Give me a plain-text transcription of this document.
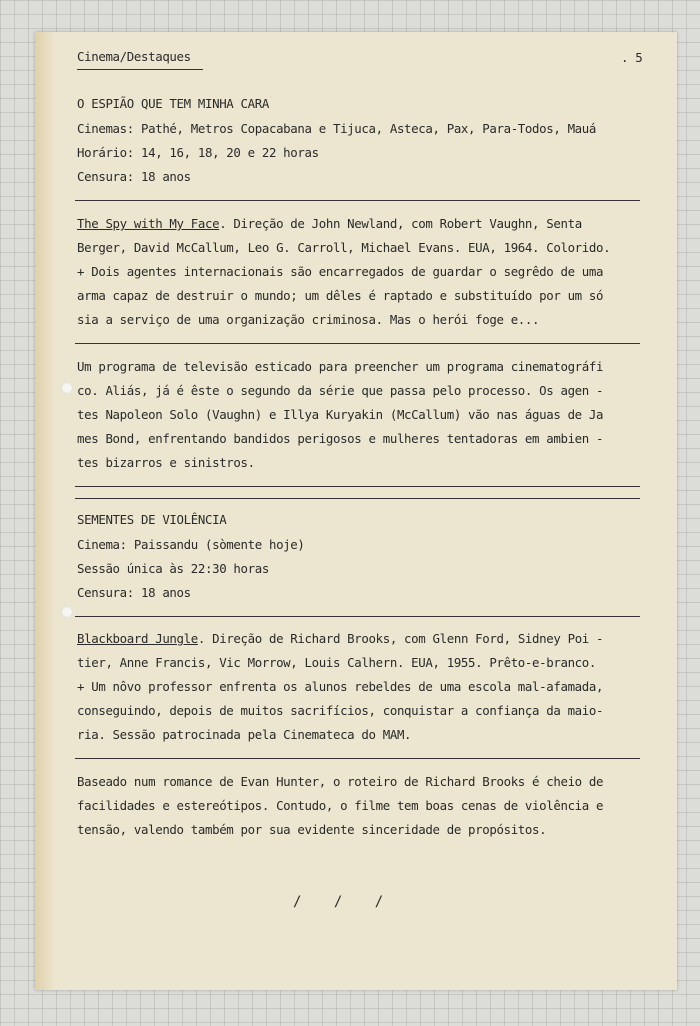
Cinema/Destaques	. 5
O ESPIÃO QUE TEM MINHA CARA
Cinemas: Pathé, Metros Copacabana e Tijuca, Asteca, Pax, Para-Todos, Mauá
Horário: 14, 16, 18, 20 e 22 horas
Censura: 18 anos
The Spy with My Face. Direção de John Newland, com Robert Vaughn, Senta
Berger, David McCallum, Leo G. Carroll, Michael Evans. EUA, 1964. Colorido.
+ Dois agentes internacionais são encarregados de guardar o segrêdo de uma
arma capaz de destruir o mundo; um dêles é raptado e substituído por um só
sia a serviço de uma organização criminosa. Mas o herói foge e...
Um programa de televisão esticado para preencher um programa cinematográfi
co. Aliás, já é êste o segundo da série que passa pelo processo. Os agen -
tes Napoleon Solo (Vaughn) e Illya Kuryakin (McCallum) vão nas águas de Ja
mes Bond, enfrentando bandidos perigosos e mulheres tentadoras em ambien -
tes bizarros e sinistros.
SEMENTES DE VIOLÊNCIA
Cinema: Paissandu (sòmente hoje)
Sessão única às 22:30 horas
Censura: 18 anos
Blackboard Jungle. Direção de Richard Brooks, com Glenn Ford, Sidney Poi -
tier, Anne Francis, Vic Morrow, Louis Calhern. EUA, 1955. Prêto-e-branco.
+ Um nôvo professor enfrenta os alunos rebeldes de uma escola mal-afamada,
conseguindo, depois de muitos sacrifícios, conquistar a confiança da maio-
ria. Sessão patrocinada pela Cinemateca do MAM.
Baseado num romance de Evan Hunter, o roteiro de Richard Brooks é cheio de
facilidades e estereótipos. Contudo, o filme tem boas cenas de violência e
tensão, valendo também por sua evidente sinceridade de propósitos.
/ / /
